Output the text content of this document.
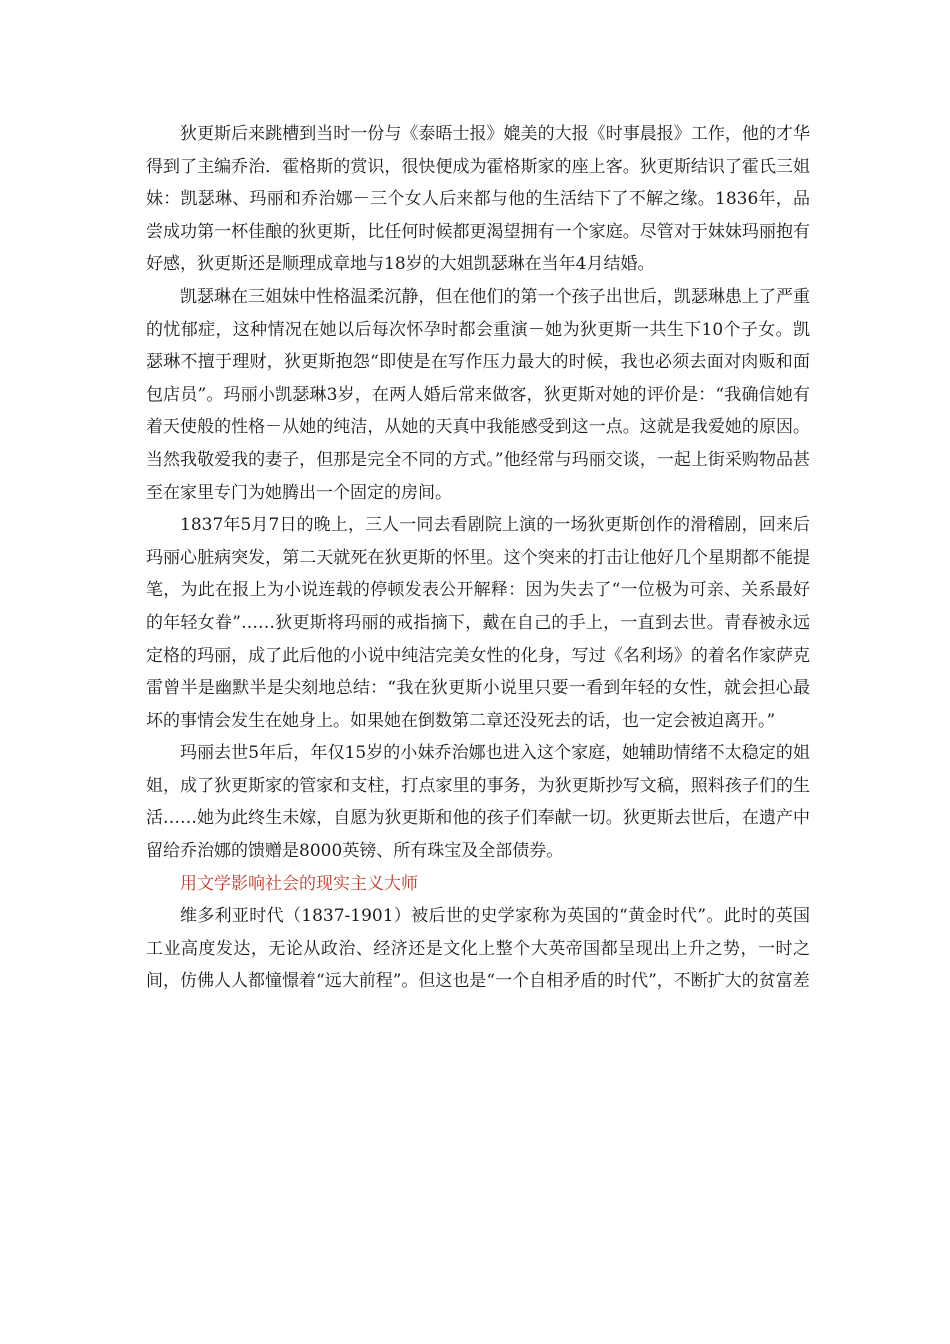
狄更斯后来跳槽到当时一份与《泰晤士报》媲美的大报《时事晨报》工作，他的才华得到了主编乔治．霍格斯的赏识，很快便成为霍格斯家的座上客。狄更斯结识了霍氏三姐妹：凯瑟琳、玛丽和乔治娜－三个女人后来都与他的生活结下了不解之缘。1836年，品尝成功第一杯佳酿的狄更斯，比任何时候都更渴望拥有一个家庭。尽管对于妹妹玛丽抱有好感，狄更斯还是顺理成章地与18岁的大姐凯瑟琳在当年4月结婚。

凯瑟琳在三姐妹中性格温柔沉静，但在他们的第一个孩子出世后，凯瑟琳患上了严重的忧郁症，这种情况在她以后每次怀孕时都会重演－她为狄更斯一共生下10个子女。凯瑟琳不擅于理财，狄更斯抱怨“即使是在写作压力最大的时候，我也必须去面对肉贩和面包店员”。玛丽小凯瑟琳3岁，在两人婚后常来做客，狄更斯对她的评价是：“我确信她有着天使般的性格－从她的纯洁，从她的天真中我能感受到这一点。这就是我爱她的原因。当然我敬爱我的妻子，但那是完全不同的方式。”他经常与玛丽交谈，一起上街采购物品甚至在家里专门为她腾出一个固定的房间。

1837年5月7日的晚上，三人一同去看剧院上演的一场狄更斯创作的滑稽剧，回来后玛丽心脏病突发，第二天就死在狄更斯的怀里。这个突来的打击让他好几个星期都不能提笔，为此在报上为小说连载的停顿发表公开解释：因为失去了“一位极为可亲、关系最好的年轻女眷”……狄更斯将玛丽的戒指摘下，戴在自己的手上，一直到去世。青春被永远定格的玛丽，成了此后他的小说中纯洁完美女性的化身，写过《名利场》的着名作家萨克雷曾半是幽默半是尖刻地总结：“我在狄更斯小说里只要一看到年轻的女性，就会担心最坏的事情会发生在她身上。如果她在倒数第二章还没死去的话，也一定会被迫离开。”

玛丽去世5年后，年仅15岁的小妹乔治娜也进入这个家庭，她辅助情绪不太稳定的姐姐，成了狄更斯家的管家和支柱，打点家里的事务，为狄更斯抄写文稿，照料孩子们的生活……她为此终生未嫁，自愿为狄更斯和他的孩子们奉献一切。狄更斯去世后，在遗产中留给乔治娜的馈赠是8000英镑、所有珠宝及全部债券。

用文学影响社会的现实主义大师

维多利亚时代（1837-1901）被后世的史学家称为英国的“黄金时代”。此时的英国工业高度发达，无论从政治、经济还是文化上整个大英帝国都呈现出上升之势，一时之间，仿佛人人都憧憬着“远大前程”。但这也是“一个自相矛盾的时代”，不断扩大的贫富差
